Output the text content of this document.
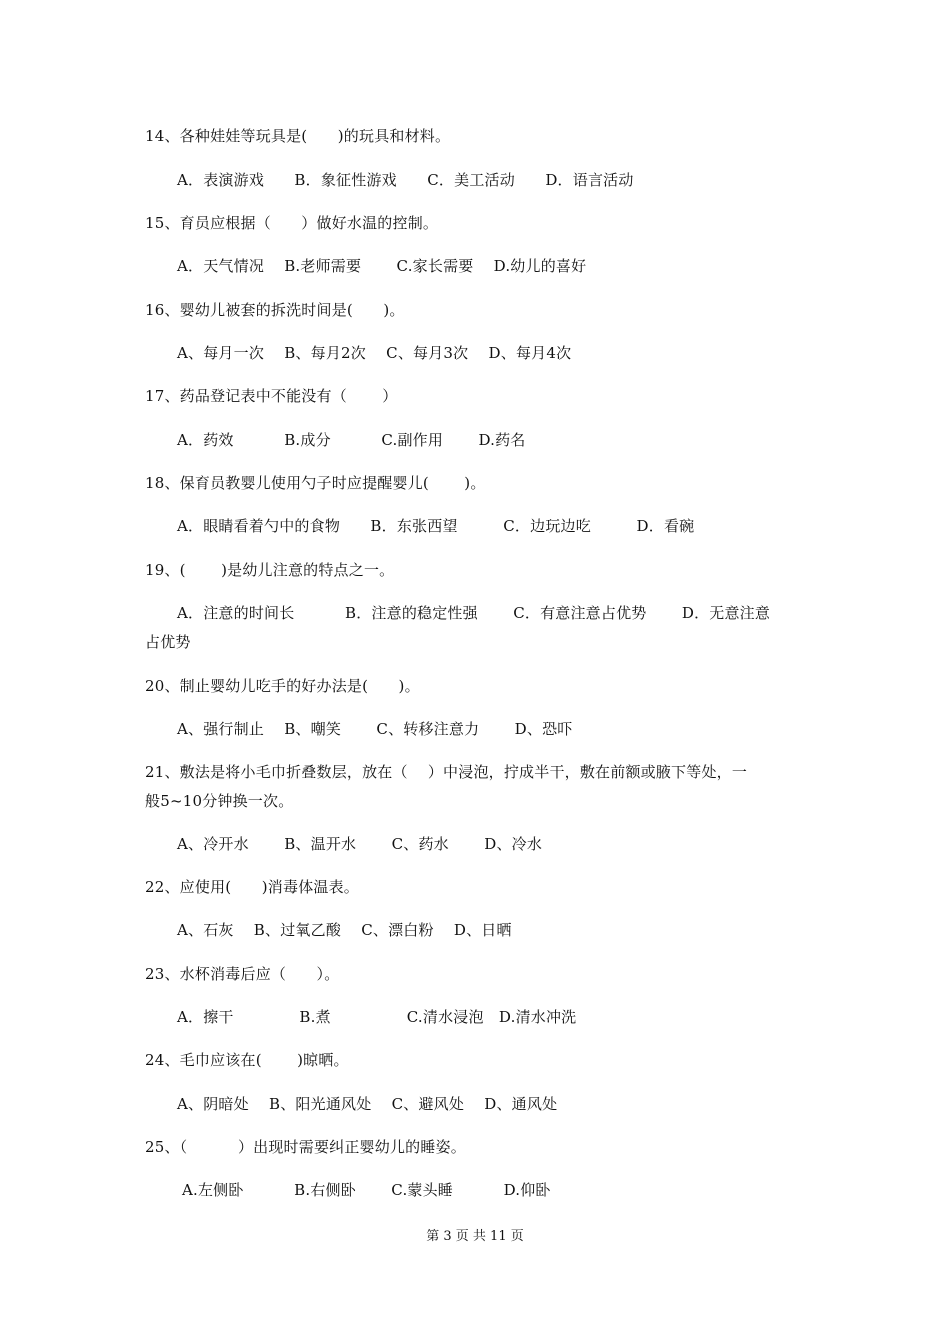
14、各种娃娃等玩具是(　　)的玩具和材料。
A．表演游戏　　B．象征性游戏　　C．美工活动　　D．语言活动
15、育员应根据（　　）做好水温的控制。
A．天气情况　 B.老师需要　　 C.家长需要　 D.幼儿的喜好
16、婴幼儿被套的拆洗时间是(　　)。
A、每月一次　 B、每月2次　 C、每月3次　 D、每月4次
17、药品登记表中不能没有（　　 ）
A．药效　　　 B.成分　　　 C.副作用　　 D.药名
18、保育员教婴儿使用勺子时应提醒婴儿(　　 )。
A．眼睛看着勺中的食物　　B．东张西望　　　C．边玩边吃　　　D．看碗
19、(　　 )是幼儿注意的特点之一。
A．注意的时间长　　　 B．注意的稳定性强　　 C．有意注意占优势　　 D．无意注意
占优势
20、制止婴幼儿吃手的好办法是(　　)。
A、强行制止　 B、嘲笑　　 C、转移注意力　　 D、恐吓
21、敷法是将小毛巾折叠数层，放在（　 ）中浸泡，拧成半干，敷在前额或腋下等处，一
般5~10分钟换一次。
A、冷开水　　 B、温开水　　 C、药水　　 D、冷水
22、应使用(　　)消毒体温表。
A、石灰　 B、过氧乙酸　 C、漂白粉　 D、日晒
23、水杯消毒后应（　　）。
A．擦干　　　　 B.煮　　　　　C.清水浸泡　D.清水冲洗
24、毛巾应该在(　　 )晾晒。
A、阴暗处　 B、阳光通风处　 C、避风处　 D、通风处
25、（　　　 ）出现时需要纠正婴幼儿的睡姿。
A.左侧卧　　　 B.右侧卧　　 C.蒙头睡　　　 D.仰卧
第 3 页 共 11 页
